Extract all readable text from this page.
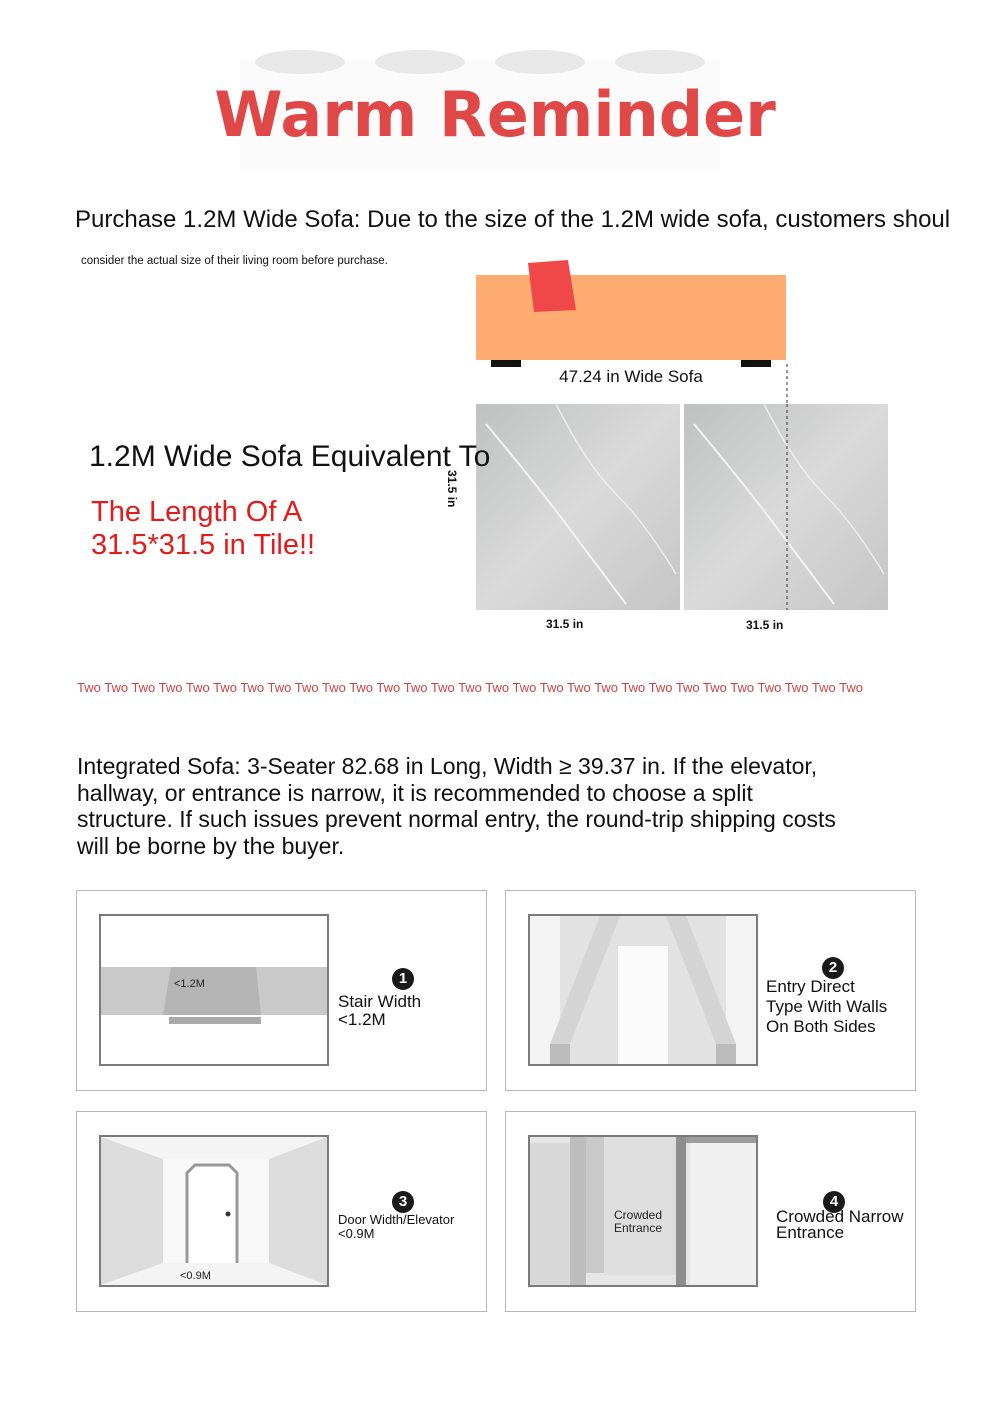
Warm Reminder
Purchase 1.2M Wide Sofa: Due to the size of the 1.2M wide sofa, customers shoul
consider the actual size of their living room before purchase.
47.24 in Wide Sofa
31.5 in
31.5 in	31.5 in
1.2M Wide Sofa Equivalent To
The Length Of A
31.5*31.5 in Tile!!
Two Two Two Two Two Two Two Two Two Two Two Two Two Two Two Two Two Two Two Two Two Two Two Two Two Two Two Two Two
Integrated Sofa: 3-Seater 82.68 in Long, Width ≥ 39.37 in. If the elevator, hallway, or entrance is narrow, it is recommended to choose a split structure. If such issues prevent normal entry, the round-trip shipping costs will be borne by the buyer.
<1.2M	1
Stair Width
<1.2M
2
Entry Direct
Type With Walls
On Both Sides
<0.9M
3
Door Width/Elevator
<0.9M
Crowded
Entrance
4
Crowded Narrow
Entrance
